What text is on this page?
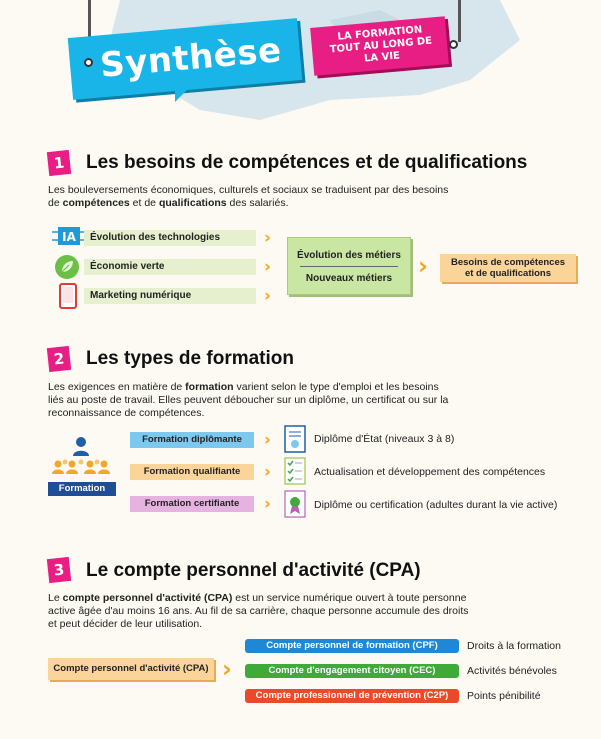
Synthèse	LA FORMATION TOUT AU LONG DE LA VIE
1	Les besoins de compétences et de qualifications
Les bouleversements économiques, culturels et sociaux se traduisent par des besoins
de compétences et de qualifications des salariés.
IA	Évolution des technologies	›
Économie verte	›
Marketing numérique	›
Évolution des métiers
Nouveaux métiers	›	Besoins de compétences
et de qualifications
2	Les types de formation
Les exigences en matière de formation varient selon le type d'emploi et les besoins
liés au poste de travail. Elles peuvent déboucher sur un diplôme, un certificat ou sur la
reconnaissance de compétences.
Formation
Formation diplômante	›	Diplôme d'État (niveaux 3 à 8)
Formation qualifiante	›	Actualisation et développement des compétences
Formation certifiante	›	Diplôme ou certification (adultes durant la vie active)
3	Le compte personnel d'activité (CPA)
Le compte personnel d'activité (CPA) est un service numérique ouvert à toute personne
active âgée d'au moins 16 ans. Au fil de sa carrière, chaque personne accumule des droits
et peut décider de leur utilisation.
Compte personnel d'activité (CPA) ›
Compte personnel de formation (CPF)	Droits à la formation
Compte d'engagement citoyen (CEC)	Activités bénévoles
Compte professionnel de prévention (C2P)	Points pénibilité
